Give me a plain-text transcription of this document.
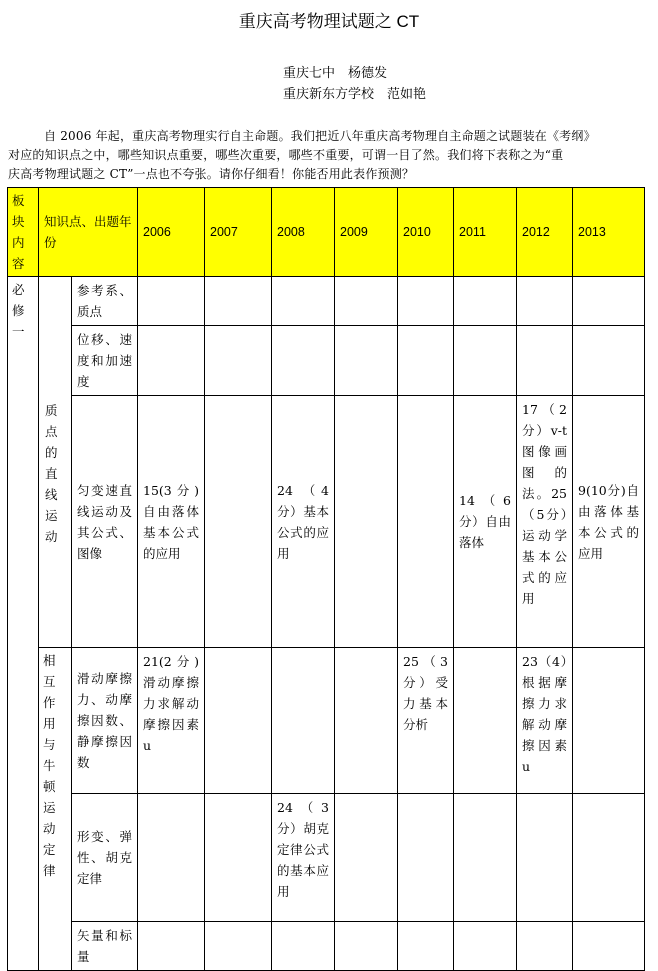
重庆高考物理试题之 CT
重庆七中　杨德发
重庆新东方学校　范如艳
自 2006 年起，重庆高考物理实行自主命题。我们把近八年重庆高考物理自主命题之试题装在《考纲》
对应的知识点之中，哪些知识点重要，哪些次重要，哪些不重要，可谓一目了然。我们将下表称之为“重
庆高考物理试题之 CT”一点也不夸张。请你仔细看！你能否用此表作预测？
板块内容	知识点、出题年份		2006	2007	2008	2009	2010	2011	2012	2013
必修一		参考系、质点								
		位移、速度和加速度								
		匀变速直线运动及其公式、图像	15(3分)自由落体基本公式的应用		24 （4分）基本公式的应用			14（6分）自由落体	17（2分）v-t图像画图的法。25（5分）运动学基本公式的应用	9(10分)自由落体基本公式的应用
	相互作用与牛顿运动定律	滑动摩擦力、动摩擦因数、静摩擦因数	21(2分)滑动摩擦力求解动摩擦因素u				25（3分）受力基本分析		23（4）根据摩擦力求解动摩擦因素u	
		形变、弹性、胡克定律			24（3分）胡克定律公式的基本应用					
		矢量和标量								
质点的直线运动
